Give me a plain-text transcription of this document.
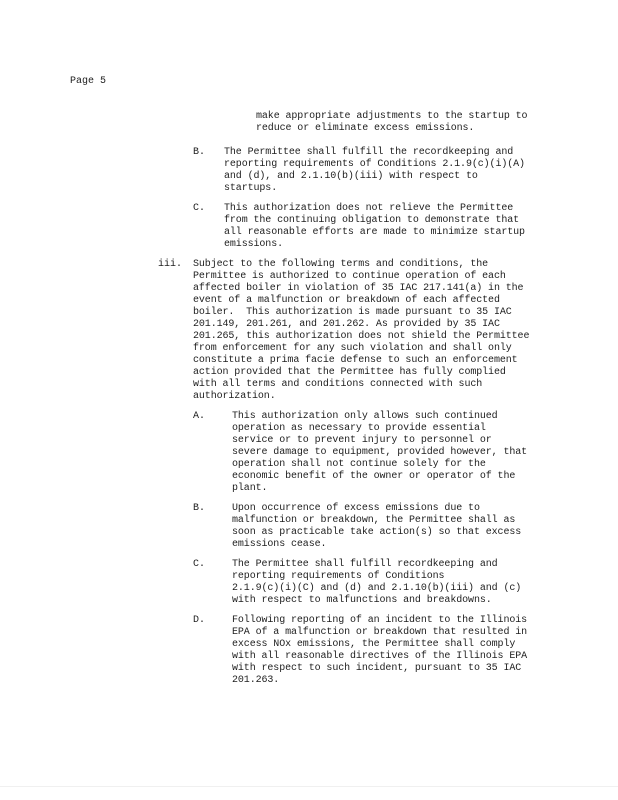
Page 5
make appropriate adjustments to the startup to
reduce or eliminate excess emissions.
B. The Permittee shall fulfill the recordkeeping and
reporting requirements of Conditions 2.1.9(c)(i)(A)
and (d), and 2.1.10(b)(iii) with respect to
startups.
C. This authorization does not relieve the Permittee
from the continuing obligation to demonstrate that
all reasonable efforts are made to minimize startup
emissions.
iii. Subject to the following terms and conditions, the
Permittee is authorized to continue operation of each
affected boiler in violation of 35 IAC 217.141(a) in the
event of a malfunction or breakdown of each affected
boiler.  This authorization is made pursuant to 35 IAC
201.149, 201.261, and 201.262. As provided by 35 IAC
201.265, this authorization does not shield the Permittee
from enforcement for any such violation and shall only
constitute a prima facie defense to such an enforcement
action provided that the Permittee has fully complied
with all terms and conditions connected with such
authorization.
A.	This authorization only allows such continued
operation as necessary to provide essential
service or to prevent injury to personnel or
severe damage to equipment, provided however, that
operation shall not continue solely for the
economic benefit of the owner or operator of the
plant.
B.	Upon occurrence of excess emissions due to
malfunction or breakdown, the Permittee shall as
soon as practicable take action(s) so that excess
emissions cease.
C.	The Permittee shall fulfill recordkeeping and
reporting requirements of Conditions
2.1.9(c)(i)(C) and (d) and 2.1.10(b)(iii) and (c)
with respect to malfunctions and breakdowns.
D.	Following reporting of an incident to the Illinois
EPA of a malfunction or breakdown that resulted in
excess NOx emissions, the Permittee shall comply
with all reasonable directives of the Illinois EPA
with respect to such incident, pursuant to 35 IAC
201.263.
